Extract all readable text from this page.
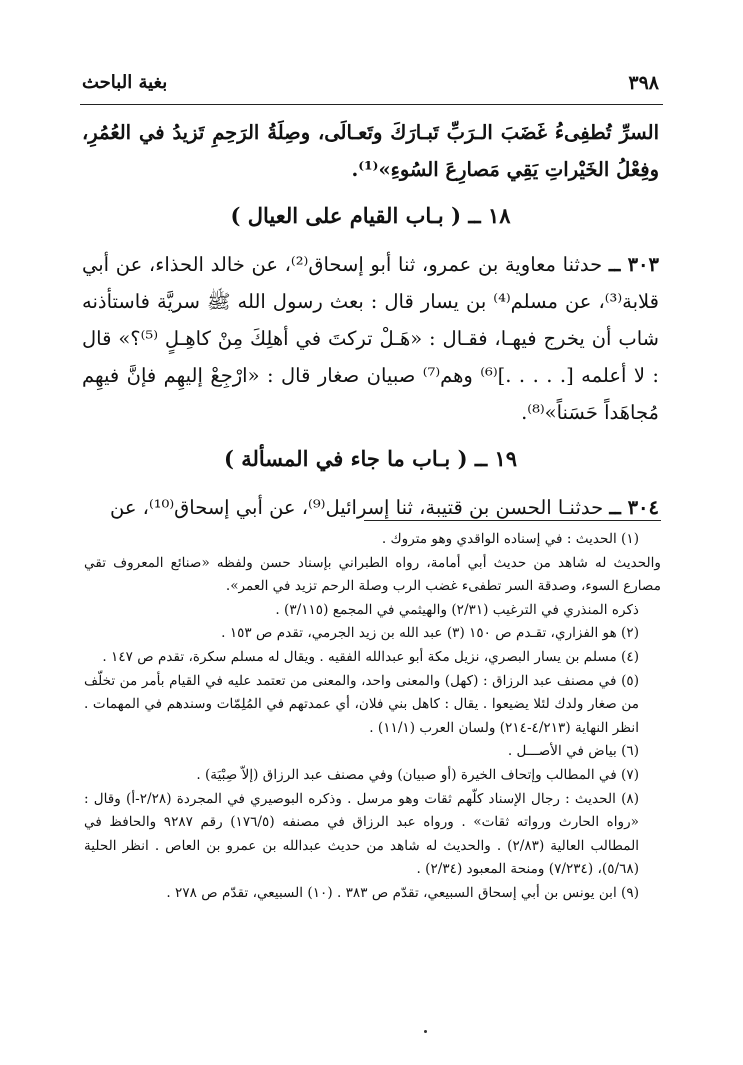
٣٩٨
بغية الباحث

السرِّ تُطفِىءُ غَضَبَ الـرَبِّ تَبـارَكَ وتَعـالَى، وصِلَةُ الرَحِمِ تَزيدُ في العُمُرِ، وفِعْلُ الخَيْراتِ يَقِي مَصارِعَ السُوءِ»⁽¹⁾.

١٨ ــ ( بـاب القيام على العيال )

٣٠٣ ــ حدثنا معاوية بن عمرو، ثنا أبو إسحاق⁽²⁾، عن خالد الحذاء، عن أبي قلابة⁽³⁾، عن مسلم⁽⁴⁾ بن يسار قال : بعث رسول الله ﷺ سريَّة فاستأذنه شاب أن يخرج فيهـا، فقـال : «هَـلْ تركتَ في أهلِكَ مِنْ كاهِـلٍ ⁽⁵⁾؟» قال : لا أعلمه [. . . . .]⁽⁶⁾ وهم⁽⁷⁾ صبيان صغار قال : «ارْجِعْ إليهِم فإنَّ فيهِم مُجاهَداً حَسَناً»⁽⁸⁾.

١٩ ــ ( بـاب ما جاء في المسألة )

٣٠٤ ــ حدثنـا الحسن بن قتيبة، ثنا إسرائيل⁽⁹⁾، عن أبي إسحاق⁽¹⁰⁾، عن

(١) الحديث : في إسناده الواقدي وهو متروك .

والحديث له شاهد من حديث أبي أمامة، رواه الطبراني بإسناد حسن ولفظه «صنائع المعروف تقي مصارع السوء، وصدقة السر تطفىء غضب الرب وصلة الرحم تزيد في العمر».

ذكره المنذري في الترغيب (٢/٣١) والهيثمي في المجمع (٣/١١٥) .

(٢) هو الفزاري، تقـدم ص ١٥٠ (٣) عبد الله بن زيد الجرمي، تقدم ص ١٥٣ .

(٤) مسلم بن يسار البصري، نزيل مكة أبو عبدالله الفقيه . ويقال له مسلم سكرة، تقدم ص ١٤٧ .

(٥) في مصنف عبد الرزاق : (كهل) والمعنى واحد، والمعنى من تعتمد عليه في القيام بأمر من تخلّف من صغار ولدك لئلا يضيعوا . يقال : كاهل بني فلان، أي عمدتهم في المُلِمّات وسندهم في المهمات . انظر النهاية (٤/٢١٣-٢١٤) ولسان العرب (١١/١) .

(٦) بياض في الأصـــل .

(٧) في المطالب وإتحاف الخيرة (أو صبيان) وفي مصنف عبد الرزاق (إلاّ صِبْيَة) .

(٨) الحديث : رجال الإسناد كلّهم ثقات وهو مرسل . وذكره البوصيري في المجردة (٢/٢٨-أ) وقال : «رواه الحارث ورواته ثقات» . ورواه عبد الرزاق في مصنفه (١٧٦/٥) رقم ٩٢٨٧ والحافظ في المطالب العالية (٢/٨٣) . والحديث له شاهد من حديث عبدالله بن عمرو بن العاص . انظر الحلية (٥/٦٨)، (٧/٢٣٤) ومنحة المعبود (٢/٣٤) .

(٩) ابن يونس بن أبي إسحاق السبيعي، تقدّم ص ٣٨٣ . (١٠) السبيعي، تقدّم ص ٢٧٨ .
